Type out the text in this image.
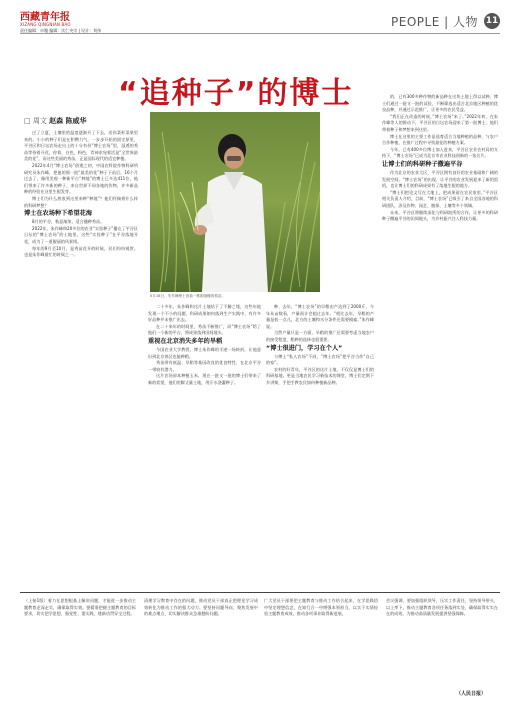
西藏青年报
XIZANG QINGNIAN BAO
责任编辑：卓嘎 编辑：次仁央宗 | 设计：刘伟
PEOPLE | 人物 11
“追种子”的博士
□ 周文 赵森 陈威华
5月16日，朱作峰博士查看一株刚抽穗的稻苗。

过了立夏，土壤里的温度逐渐升了下去，送你菜籽菜果里来的。小小的种子们是在积攒力气，一步步开始的固定原里，平谷区和日坛农场走出土的十分有份“博士农场”里，湿透的秀苗等待着开花，你着，白色，粉色，青神求宛着活是“全世界最美的花”，而这些美丽的秀苗，正是国际现代的适宜种植。

2022年4月“博士农场”创建之初，中国农科院作物科研所研究员朱作峰，把他的那一批“最美的花”种子下苗后，16个月过去了，像用美观一种新平台“种地”的博士已多达411位，他们带来了许多新的种子，来自世界不同各地的作物，许多新品种的经验在这里生根发芽。

博士们为什么热衷到这里来种“种地”？他们怀揣着什么样的科研梦想？

博士在农场种下希望花海

8月的平谷，秋意渐浓，适合播种秀苗。

2022年，朱作峰和20多位的农业“实验种子”播在了平谷区日坛的“博士农场”的土地里。这些“实验种子”在平谷落地开花，成为了一道靓丽的风景线。

每年的9月至10月，是秀苗花开的时候，民们纷纷观赏。也是朱作峰最忙的时候之一。

二十多年，朱作峰和这片土地结下了不解之缘，这些年他发现一个不小的问题，科研成果如何落到生产实践中，有许多好品种并未推广出去。

在二十来年的时间里，秀苗不断推广，而“博士农场”给了他们一个新的平台，将成果落到田间地头。

重视在北京消失多年的旱稻

今国农业大学教授，博士朱作峰的半途一场转折，让他意识到北京郊区也能种稻。

秀苗带有低温、早稻等基因改良的优良特性，在北京平谷一带较有潜力。

这片农场原本种植玉米，现在一批又一批的博士们带来了新的希望，他们用脚丈量土地，用汗水浇灌种子。

种、去年，“博士农场”的早稻由产达到了2000斤，今年从亩数看，产量预计会超过去年。“相比去年，早稻的产量是低一点儿，北方的土壤和水分条件还需要摸索。”朱作峰说。

当然产量只是一方面，旱稻的推广还需要考虑当地农户的接受程度，稻种的选择也很重要。

“博士很进门，学习在个人”

与博士“私人农场”不同，“博士农场”把平谷当作“自己的家”。

农村的好青年，平谷区的这片土地，不仅仅是博士们的科研基地，更是当地农民学习新技术的课堂。博士们定期下乡讲课，手把手教农民如何种植新品种。

的，已有300多种作物的新品种在这块土地上得以试种，博士们通过一批又一批的试验，不断筛选出适合北京地区种植的优良品种，并通过示范推广，让更多的农民受益。

“我们正在改造的时候，”博士农场“来了。”2022年初，在朱作峰等人的推动下，平谷区的日坛农场迎来了第一批博士，他们带着种子和梦想来到这里。

博士在这里的主要工作是选育适合当地种植的品种，与农户合作种植，在推广过程中寻找最佳的种植方案。

今年，已有400多位博士加入进来，平谷区农业农村局的支持下，“博士农场”已成为北京市农业科技创新的一张名片。

让博士们的科研种子撒遍平谷

作为北京的农业大区，平谷区拥有良好的农业基础和广阔的发展空间。“博士农场”的出现，让平谷的农业发展迎来了新的契机，也让博士们的科研成果有了落地生根的地方。

“博士们把论文写在大地上，把成果留在农民家里。”平谷区相关负责人介绍，目前，“博士农场”已吸引了来自全国各地的科研团队，涉及作物、园艺、植保、土壤等多个领域。

未来，平谷区将继续深化与科研院所的合作，让更多的科研种子撒遍平谷的田间地头，为乡村振兴注入科技力量。

（上接1版）着力在思想根基上解决问题，才能进一步推动主题教育走深走实，确保取得实效。要精准把握主题教育的目标要求，切实把学思想、强党性、重实践、建新功贯穿全过程。
清理学习教育中存在的问题，推动党员干部真正把理论学习成效转化为推动工作的强大动力。要坚持问题导向，聚焦发展中的难点堵点，切实解决群众急难愁盼问题。
广大党员干部要把主题教育与推动工作结合起来，在学思践悟中坚定理想信念，在知行合一中增强本领担当，以实干实绩检验主题教育成效，推动各项事业取得新进展。
会议强调，要加强组织领导，压实工作责任，坚持领导带头，以上率下，推动主题教育各项任务落到实处，确保取得实实在在的成效，为推动高质量发展提供坚强保障。
（人民日报）
